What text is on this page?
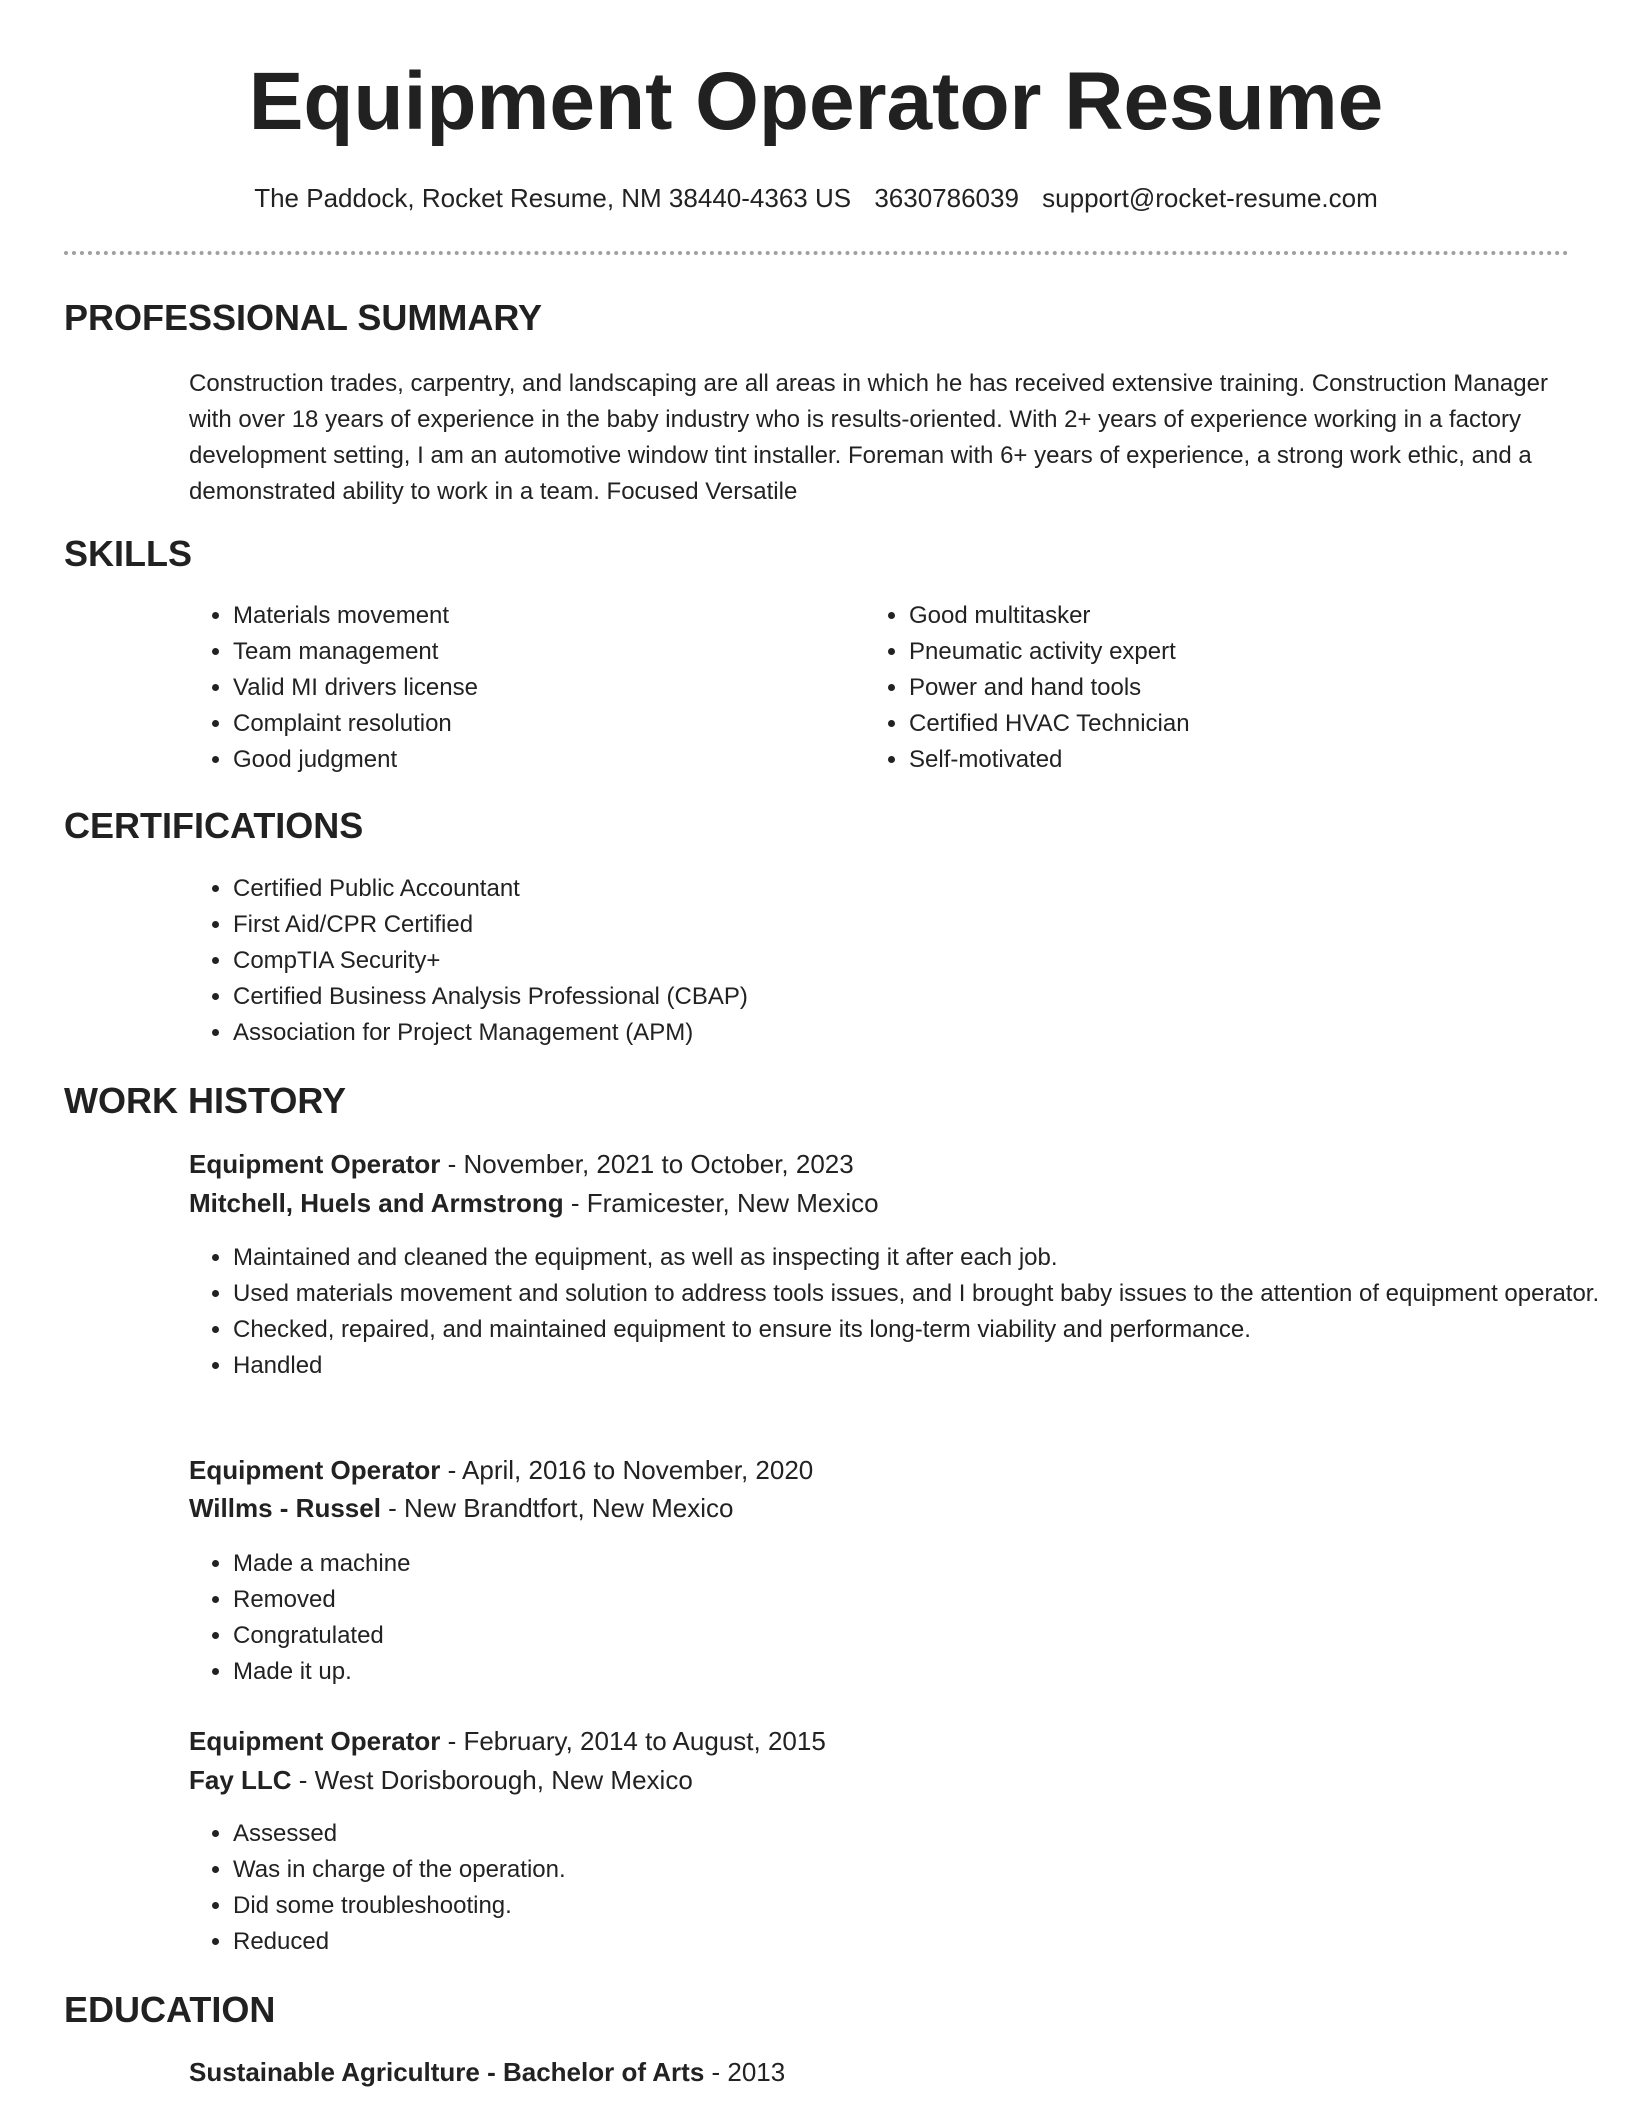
Equipment Operator Resume
The Paddock, Rocket Resume, NM 38440-4363 US 3630786039 support@rocket-resume.com
PROFESSIONAL SUMMARY

Construction trades, carpentry, and landscaping are all areas in which he has received extensive training. Construction Manager with over 18 years of experience in the baby industry who is results-oriented. With 2+ years of experience working in a factory development setting, I am an automotive window tint installer. Foreman with 6+ years of experience, a strong work ethic, and a demonstrated ability to work in a team. Focused Versatile

SKILLS
• Materials movement
• Team management
• Valid MI drivers license
• Complaint resolution
• Good judgment
• Good multitasker
• Pneumatic activity expert
• Power and hand tools
• Certified HVAC Technician
• Self-motivated
CERTIFICATIONS
• Certified Public Accountant
• First Aid/CPR Certified
• CompTIA Security+
• Certified Business Analysis Professional (CBAP)
• Association for Project Management (APM)
WORK HISTORY
Equipment Operator - November, 2021 to October, 2023
Mitchell, Huels and Armstrong - Framicester, New Mexico
• Maintained and cleaned the equipment, as well as inspecting it after each job.
• Used materials movement and solution to address tools issues, and I brought baby issues to the attention of equipment operator.
• Checked, repaired, and maintained equipment to ensure its long-term viability and performance.
• Handled
Equipment Operator - April, 2016 to November, 2020
Willms - Russel - New Brandtfort, New Mexico
• Made a machine
• Removed
• Congratulated
• Made it up.
Equipment Operator - February, 2014 to August, 2015
Fay LLC - West Dorisborough, New Mexico
• Assessed
• Was in charge of the operation.
• Did some troubleshooting.
• Reduced
EDUCATION
Sustainable Agriculture - Bachelor of Arts - 2013
